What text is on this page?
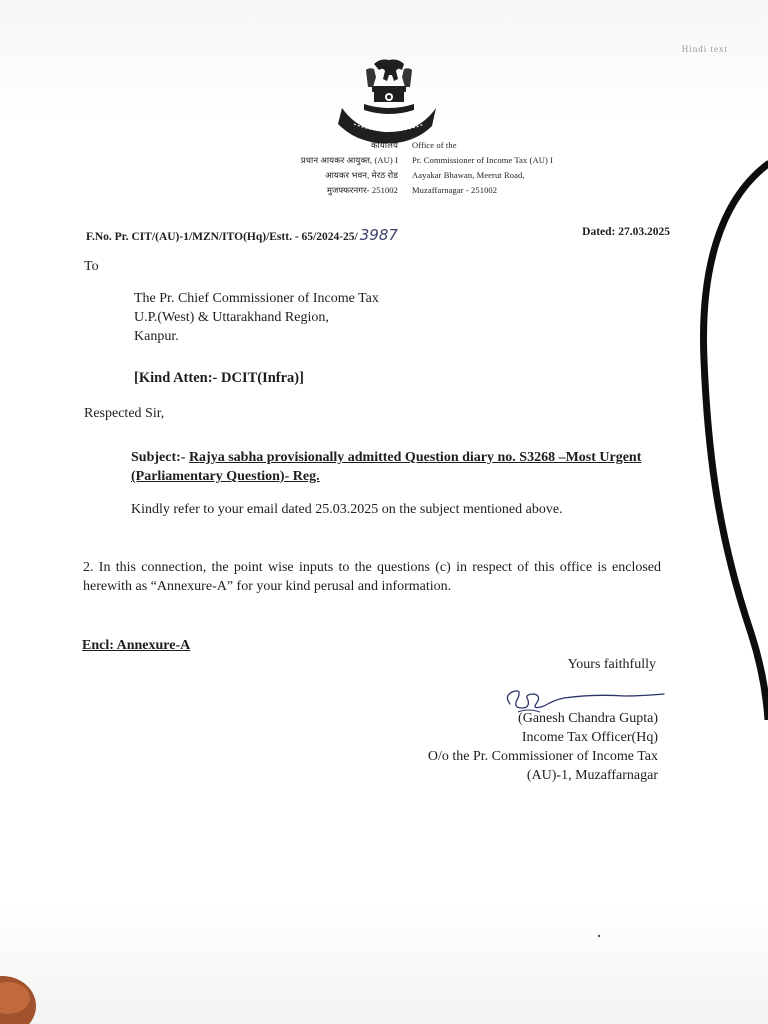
Hindi text
कार्यालय
प्रधान आयकर आयुक्त, (AU) I
आयकर भवन, मेरठ रोड
मुजफ्फरनगर- 251002
Office of the
Pr. Commissioner of Income Tax (AU) I
Aayakar Bhawan, Meerut Road,
Muzaffarnagar - 251002
F.No. Pr. CIT/(AU)-1/MZN/ITO(Hq)/Estt. - 65/2024-25/ 3987	Dated: 27.03.2025
To
The Pr. Chief Commissioner of Income Tax
U.P.(West) & Uttarakhand Region,
Kanpur.
[Kind Atten:- DCIT(Infra)]
Respected Sir,
Subject:- Rajya sabha provisionally admitted Question diary no. S3268 –Most Urgent (Parliamentary Question)- Reg.
Kindly refer to your email dated 25.03.2025 on the subject mentioned above.
2. In this connection, the point wise inputs to the questions (c) in respect of this office is enclosed herewith as “Annexure-A” for your kind perusal and information.
Encl: Annexure-A
Yours faithfully
(Ganesh Chandra Gupta)
Income Tax Officer(Hq)
O/o the Pr. Commissioner of Income Tax
(AU)-1, Muzaffarnagar
